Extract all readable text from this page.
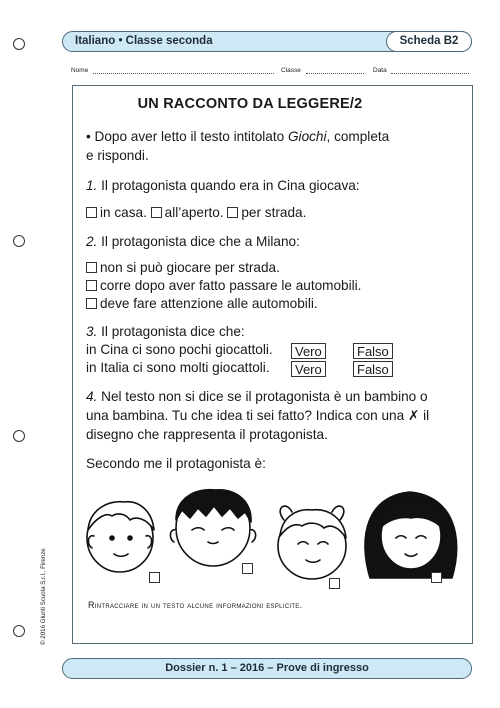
Italiano • Classe seconda	Scheda B2
Nome	Classe	Data
UN RACCONTO DA LEGGERE/2
• Dopo aver letto il testo intitolato Giochi, completa
e rispondi.
1. Il protagonista quando era in Cina giocava:
in casa. all’aperto. per strada.
2. Il protagonista dice che a Milano:
non si può giocare per strada.
corre dopo aver fatto passare le automobili.
deve fare attenzione alle automobili.
3. Il protagonista dice che:
in Cina ci sono pochi giocattoli.	Vero	Falso
in Italia ci sono molti giocattoli.	Vero	Falso
4. Nel testo non si dice se il protagonista è un bambino o
una bambina. Tu che idea ti sei fatto? Indica con una ✗ il
disegno che rappresenta il protagonista.
Secondo me il protagonista è:
Rintracciare in un testo alcune informazioni esplicite.
© 2016 Giunti Scuola S.r.l., Firenze
Dossier n. 1 – 2016 – Prove di ingresso
